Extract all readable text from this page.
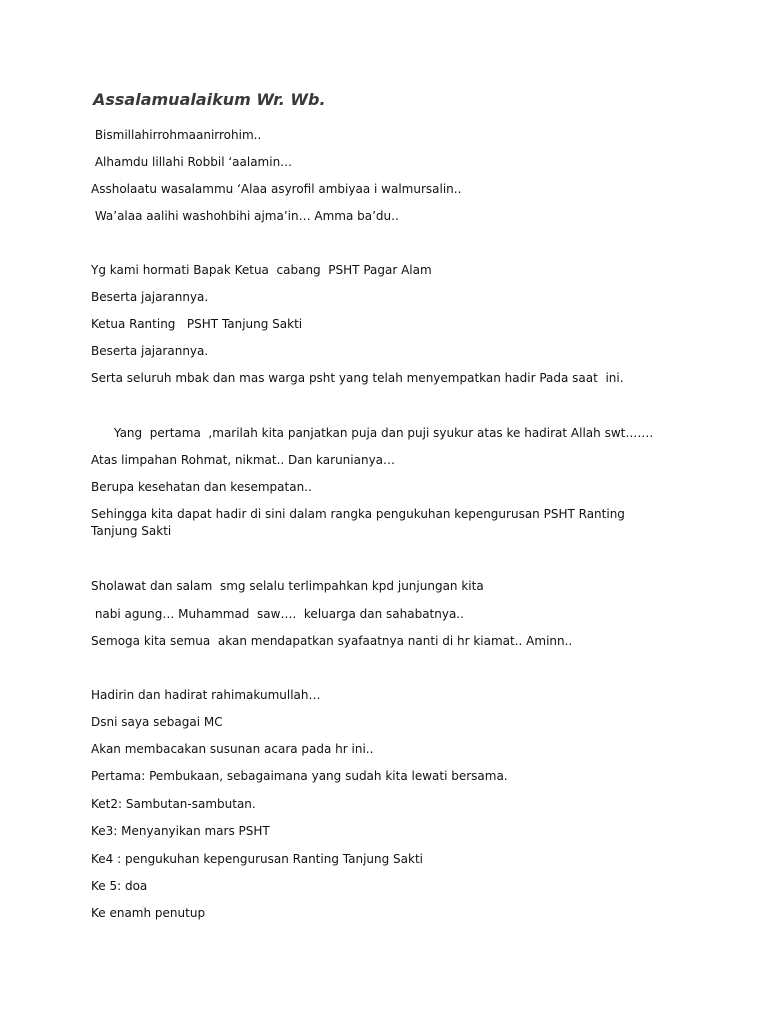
Assalamualaikum Wr. Wb.
Bismillahirrohmaanirrohim..
Alhamdu lillahi Robbil ‘aalamin…
Assholaatu wasalammu ‘Alaa asyrofil ambiyaa i walmursalin..
Wa’alaa aalihi washohbihi ajma’in… Amma ba’du..
Yg kami hormati Bapak Ketua  cabang  PSHT Pagar Alam
Beserta jajarannya.
Ketua Ranting   PSHT Tanjung Sakti
Beserta jajarannya.
Serta seluruh mbak dan mas warga psht yang telah menyempatkan hadir Pada saat  ini.
Yang  pertama  ,marilah kita panjatkan puja dan puji syukur atas ke hadirat Allah swt…….
Atas limpahan Rohmat, nikmat.. Dan karunianya…
Berupa kesehatan dan kesempatan..
Sehingga kita dapat hadir di sini dalam rangka pengukuhan kepengurusan PSHT Ranting Tanjung Sakti
Sholawat dan salam  smg selalu terlimpahkan kpd junjungan kita
nabi agung… Muhammad  saw….  keluarga dan sahabatnya..
Semoga kita semua  akan mendapatkan syafaatnya nanti di hr kiamat.. Aminn..
Hadirin dan hadirat rahimakumullah…
Dsni saya sebagai MC
Akan membacakan susunan acara pada hr ini..
Pertama: Pembukaan, sebagaimana yang sudah kita lewati bersama.
Ket2: Sambutan-sambutan.
Ke3: Menyanyikan mars PSHT
Ke4 : pengukuhan kepengurusan Ranting Tanjung Sakti
Ke 5: doa
Ke enamh penutup
